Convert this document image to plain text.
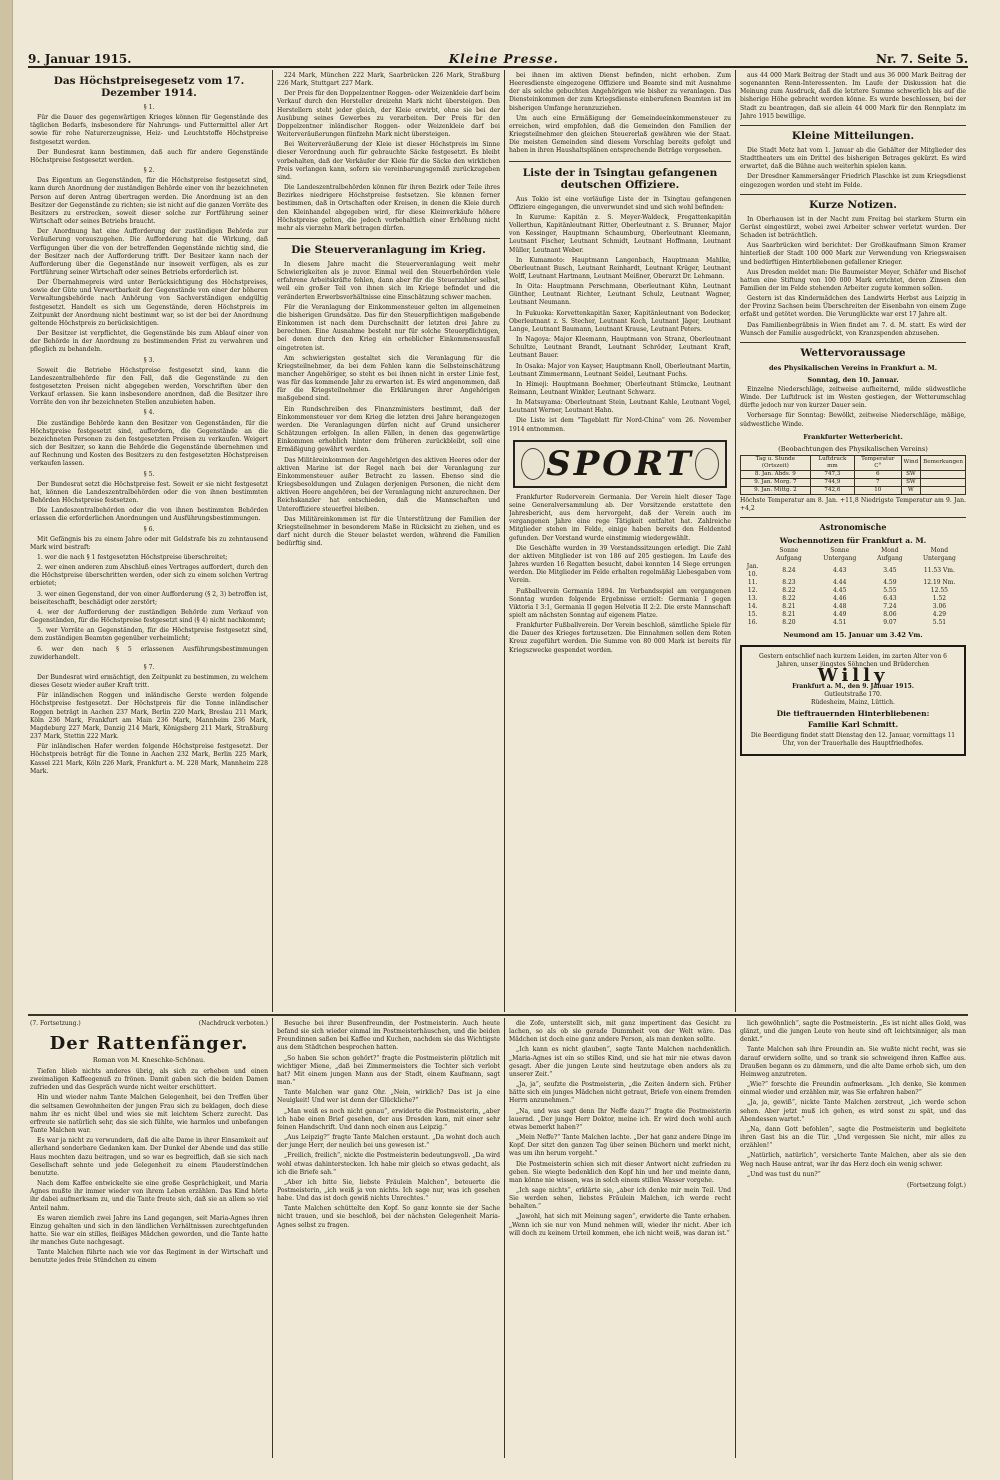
9. Januar 1915.	Kleine Presse.	Nr. 7. Seite 5.
Das Höchstpreisegesetz vom 17. Dezember 1914.

§ 1.

Für die Dauer des gegenwärtigen Krieges können für Gegenstände des täglichen Bedarfs, insbesondere für Nahrungs- und Futtermittel aller Art sowie für rohe Naturerzeugnisse, Heiz- und Leuchtstoffe Höchstpreise festgesetzt werden.

Der Bundesrat kann bestimmen, daß auch für andere Gegenstände Höchstpreise festgesetzt werden.

§ 2.

Das Eigentum an Gegenständen, für die Höchstpreise festgesetzt sind, kann durch Anordnung der zuständigen Behörde einer von ihr bezeichneten Person auf deren Antrag übertragen werden. Die Anordnung ist an den Besitzer der Gegenstände zu richten; sie ist nicht auf die ganzen Vorräte des Besitzers zu erstrecken, soweit dieser solche zur Fortführung seiner Wirtschaft oder seines Betriebs braucht.

Der Anordnung hat eine Aufforderung der zuständigen Behörde zur Veräußerung vorauszugehen. Die Aufforderung hat die Wirkung, daß Verfügungen über die von der betreffenden Gegenstände nichtig sind, die der Besitzer nach der Aufforderung trifft. Der Besitzer kann nach der Aufforderung über die Gegenstände nur insoweit verfügen, als es zur Fortführung seiner Wirtschaft oder seines Betriebs erforderlich ist.

Der Übernahmepreis wird unter Berücksichtigung des Höchstpreises, sowie der Güte und Verwertbarkeit der Gegenstände von einer der höheren Verwaltungsbehörde nach Anhörung von Sachverständigen endgültig festgesetzt. Handelt es sich um Gegenstände, deren Höchstpreis im Zeitpunkt der Anordnung nicht bestimmt war, so ist der bei der Anordnung geltende Höchstpreis zu berücksichtigen.

Der Besitzer ist verpflichtet, die Gegenstände bis zum Ablauf einer von der Behörde in der Anordnung zu bestimmenden Frist zu verwahren und pfleglich zu behandeln.

§ 3.

Soweit die Betriebe Höchstpreise festgesetzt sind, kann die Landeszentralbehörde für den Fall, daß die Gegenstände zu den festgesetzten Preisen nicht abgegeben werden, Vorschriften über den Verkauf erlassen. Sie kann insbesondere anordnen, daß die Besitzer ihre Vorräte den von ihr bezeichneten Stellen anzubieten haben.

§ 4.

Die zuständige Behörde kann den Besitzer von Gegenständen, für die Höchstpreise festgesetzt sind, auffordern, die Gegenstände an die bezeichneten Personen zu den festgesetzten Preisen zu verkaufen. Weigert sich der Besitzer, so kann die Behörde die Gegenstände übernehmen und auf Rechnung und Kosten des Besitzers zu den festgesetzten Höchstpreisen verkaufen lassen.

§ 5.

Der Bundesrat setzt die Höchstpreise fest. Soweit er sie nicht festgesetzt hat, können die Landeszentralbehörden oder die von ihnen bestimmten Behörden Höchstpreise festsetzen.

Die Landeszentralbehörden oder die von ihnen bestimmten Behörden erlassen die erforderlichen Anordnungen und Ausführungsbestimmungen.

§ 6.

Mit Gefängnis bis zu einem Jahre oder mit Geldstrafe bis zu zehntausend Mark wird bestraft:

1. wer die nach § 1 festgesetzten Höchstpreise überschreitet;

2. wer einen anderen zum Abschluß eines Vertrages auffordert, durch den die Höchstpreise überschritten werden, oder sich zu einem solchen Vertrag erbietet;

3. wer einen Gegenstand, der von einer Aufforderung (§ 2, 3) betroffen ist, beiseiteschafft, beschädigt oder zerstört;

4. wer der Aufforderung der zuständigen Behörde zum Verkauf von Gegenständen, für die Höchstpreise festgesetzt sind (§ 4) nicht nachkommt;

5. wer Vorräte an Gegenständen, für die Höchstpreise festgesetzt sind, dem zuständigen Beamten gegenüber verheimlicht;

6. wer den nach § 5 erlassenen Ausführungsbestimmungen zuwiderhandelt.

§ 7.

Der Bundesrat wird ermächtigt, den Zeitpunkt zu bestimmen, zu welchem dieses Gesetz wieder außer Kraft tritt.

Für inländischen Roggen und inländische Gerste werden folgende Höchstpreise festgesetzt. Der Höchstpreis für die Tonne inländischer Roggen beträgt in Aachen 237 Mark, Berlin 220 Mark, Breslau 211 Mark, Köln 236 Mark, Frankfurt am Main 236 Mark, Mannheim 236 Mark, Magdeburg 227 Mark, Danzig 214 Mark, Königsberg 211 Mark, Straßburg 237 Mark, Stettin 222 Mark.

Für inländischen Hafer werden folgende Höchstpreise festgesetzt. Der Höchstpreis beträgt für die Tonne in Aachen 232 Mark, Berlin 225 Mark, Kassel 221 Mark, Köln 226 Mark, Frankfurt a. M. 228 Mark, Mannheim 228 Mark.

224 Mark, München 222 Mark, Saarbrücken 226 Mark, Straßburg 226 Mark, Stuttgart 227 Mark.

Der Preis für den Doppelzentner Roggen- oder Weizenkleie darf beim Verkauf durch den Hersteller dreizehn Mark nicht übersteigen. Den Herstellern steht jeder gleich, der Kleie erwirbt, ohne sie bei der Ausübung seines Gewerbes zu verarbeiten. Der Preis für den Doppelzentner inländischer Roggen- oder Weizenkleie darf bei Weiterveräußerungen fünfzehn Mark nicht übersteigen.

Bei Weiterveräußerung der Kleie ist dieser Höchstpreis im Sinne dieser Verordnung auch für gebrauchte Säcke festgesetzt. Es bleibt vorbehalten, daß der Verkäufer der Kleie für die Säcke den wirklichen Preis verlangen kann, sofern sie vereinbarungsgemäß zurückzugeben sind.

Die Landeszentralbehörden können für ihren Bezirk oder Teile ihres Bezirkes niedrigere Höchstpreise festsetzen. Sie können ferner bestimmen, daß in Ortschaften oder Kreisen, in denen die Kleie durch den Kleinhandel abgegeben wird, für diese Kleinverkäufe höhere Höchstpreise gelten, die jedoch vorbehaltlich einer Erhöhung nicht mehr als vierzehn Mark betragen dürfen.

Die Steuerveranlagung im Krieg.

In diesem Jahre macht die Steuerveranlagung weit mehr Schwierigkeiten als je zuvor. Einmal weil den Steuerbehörden viele erfahrene Arbeitskräfte fehlen, dann aber für die Steuerzahler selbst, weil ein großer Teil von ihnen sich im Kriege befindet und die veränderten Erwerbsverhältnisse eine Einschätzung schwer machen.

Für die Veranlagung der Einkommensteuer gelten im allgemeinen die bisherigen Grundsätze. Das für den Steuerpflichtigen maßgebende Einkommen ist nach dem Durchschnitt der letzten drei Jahre zu berechnen. Eine Ausnahme besteht nur für solche Steuerpflichtigen, bei denen durch den Krieg ein erheblicher Einkommensausfall eingetreten ist.

Am schwierigsten gestaltet sich die Veranlagung für die Kriegsteilnehmer, da bei dem Fehlen kann die Selbsteinschätzung mancher Angehöriger, so steht es bei ihnen nicht in erster Linie fest, was für das kommende Jahr zu erwarten ist. Es wird angenommen, daß für die Kriegsteilnehmer die Erklärungen ihrer Angehörigen maßgebend sind.

Ein Rundschreiben des Finanzministers bestimmt, daß der Einkommensteuer vor dem Krieg die letzten drei Jahre herangezogen werden. Die Veranlagungen dürfen nicht auf Grund unsicherer Schätzungen erfolgen. In allen Fällen, in denen das gegenwärtige Einkommen erheblich hinter dem früheren zurückbleibt, soll eine Ermäßigung gewährt werden.

Das Militäreinkommen der Angehörigen des aktiven Heeres oder der aktiven Marine ist der Regel nach bei der Veranlagung zur Einkommensteuer außer Betracht zu lassen. Ebenso sind die Kriegsbesoldungen und Zulagen derjenigen Personen, die nicht dem aktiven Heere angehören, bei der Veranlagung nicht anzurechnen. Der Reichskanzler hat entschieden, daß die Mannschaften und Unteroffiziere steuerfrei bleiben.

Das Militäreinkommen ist für die Unterstützung der Familien der Kriegsteilnehmer in besonderem Maße in Rücksicht zu ziehen, und es darf nicht durch die Steuer belastet werden, während die Familien bedürftig sind.

bei ihnen im aktiven Dienst befinden, nicht erhoben. Zum Heeresdienste eingezogene Offiziere und Beamte sind mit Ausnahme der als solche gebuchten Angehörigen wie bisher zu veranlagen. Das Diensteinkommen der zum Kriegsdienste einberufenen Beamten ist im bisherigen Umfange heranzuziehen.

Um auch eine Ermäßigung der Gemeindeeinkommensteuer zu erreichen, wird empfohlen, daß die Gemeinden den Familien der Kriegsteilnehmer den gleichen Steuererlaß gewähren wie der Staat. Die meisten Gemeinden sind diesem Vorschlag bereits gefolgt und haben in ihren Haushaltsplänen entsprechende Beträge vorgesehen.

Liste der in Tsingtau gefangenen deutschen Offiziere.

Aus Tokio ist eine vorläufige Liste der in Tsingtau gefangenen Offiziere eingegangen, die unverwundet sind und sich wohl befinden:

In Kurume: Kapitän z. S. Meyer-Waldeck, Fregattenkapitän Vollerthun, Kapitänleutnant Ritter, Oberleutnant z. S. Brunner, Major von Kessinger, Hauptmann Schaumburg, Oberleutnant Kleemann, Leutnant Fischer, Leutnant Schmidt, Leutnant Hoffmann, Leutnant Müller, Leutnant Weber.

In Kumamoto: Hauptmann Langenbach, Hauptmann Mahlke, Oberleutnant Busch, Leutnant Reinhardt, Leutnant Krüger, Leutnant Wolff, Leutnant Hartmann, Leutnant Meißner, Oberarzt Dr. Lehmann.

In Oita: Hauptmann Perschmann, Oberleutnant Kühn, Leutnant Günther, Leutnant Richter, Leutnant Schulz, Leutnant Wagner, Leutnant Neumann.

In Fukuoka: Korvettenkapitän Saxer, Kapitänleutnant von Bodecker, Oberleutnant z. S. Stecher, Leutnant Koch, Leutnant Jäger, Leutnant Lange, Leutnant Baumann, Leutnant Krause, Leutnant Peters.

In Nagoya: Major Kleemann, Hauptmann von Stranz, Oberleutnant Schultze, Leutnant Brandt, Leutnant Schröder, Leutnant Kraft, Leutnant Bauer.

In Osaka: Major von Kayser, Hauptmann Knoll, Oberleutnant Martin, Leutnant Zimmermann, Leutnant Seidel, Leutnant Fuchs.

In Himeji: Hauptmann Boehmer, Oberleutnant Stümcke, Leutnant Reimann, Leutnant Winkler, Leutnant Schwarz.

In Matsuyama: Oberleutnant Stein, Leutnant Kahle, Leutnant Vogel, Leutnant Werner, Leutnant Hahn.

Die Liste ist dem "Tageblatt für Nord-China" vom 26. November 1914 entnommen.

SPORT

Frankfurter Ruderverein Germania. Der Verein hielt dieser Tage seine Generalversammlung ab. Der Vorsitzende erstattete den Jahresbericht, aus dem hervorgeht, daß der Verein auch im vergangenen Jahre eine rege Tätigkeit entfaltet hat. Zahlreiche Mitglieder stehen im Felde, einige haben bereits den Heldentod gefunden. Der Vorstand wurde einstimmig wiedergewählt.

Die Geschäfte wurden in 39 Vorstandssitzungen erledigt. Die Zahl der aktiven Mitglieder ist von 186 auf 205 gestiegen. Im Laufe des Jahres wurden 16 Regatten besucht, dabei konnten 14 Siege errungen werden. Die Mitglieder im Felde erhalten regelmäßig Liebesgaben vom Verein.

Fußballverein Germania 1894. Im Verbandsspiel am vergangenen Sonntag wurden folgende Ergebnisse erzielt: Germania I gegen Viktoria I 3:1, Germania II gegen Helvetia II 2:2. Die erste Mannschaft spielt am nächsten Sonntag auf eigenem Platze.

Frankfurter Fußballverein. Der Verein beschloß, sämtliche Spiele für die Dauer des Krieges fortzusetzen. Die Einnahmen sollen dem Roten Kreuz zugeführt werden. Die Summe von 80 000 Mark ist bereits für Kriegszwecke gespendet worden.

aus 44 000 Mark Beitrag der Stadt und aus 36 000 Mark Beitrag der sogenannten Renn-Interessenten. Im Laufe der Diskussion hat die Meinung zum Ausdruck, daß die letztere Summe schwerlich bis auf die bisherige Höhe gebracht werden könne. Es wurde beschlossen, bei der Stadt zu beantragen, daß sie allein 44 000 Mark für den Rennplatz im Jahre 1915 bewillige.

Kleine Mitteilungen.

Die Stadt Metz hat vom 1. Januar ab die Gehälter der Mitglieder des Stadttheaters um ein Drittel des bisherigen Betrages gekürzt. Es wird erwartet, daß die Bühne auch weiterhin spielen kann.

Der Dresdner Kammersänger Friedrich Plaschke ist zum Kriegsdienst eingezogen worden und steht im Felde.

Kurze Notizen.

In Oberhausen ist in der Nacht zum Freitag bei starkem Sturm ein Gerüst eingestürzt, wobei zwei Arbeiter schwer verletzt wurden. Der Schaden ist beträchtlich.

Aus Saarbrücken wird berichtet: Der Großkaufmann Simon Kramer hinterließ der Stadt 100 000 Mark zur Verwendung von Kriegswaisen und bedürftigen Hinterbliebenen gefallener Krieger.

Aus Dresden meldet man: Die Baumeister Meyer, Schäfer und Bischof hatten eine Stiftung von 100 000 Mark errichtet, deren Zinsen den Familien der im Felde stehenden Arbeiter zugute kommen sollen.

Gestern ist das Kindermädchen des Landwirts Herbst aus Leipzig in der Provinz Sachsen beim Überschreiten der Eisenbahn von einem Zuge erfaßt und getötet worden. Die Verunglückte war erst 17 Jahre alt.

Das Familienbegräbnis in Wien findet am 7. d. M. statt. Es wird der Wunsch der Familie ausgedrückt, von Kranzspenden abzusehen.

Wettervoraussage
des Physikalischen Vereins in Frankfurt a. M.
Sonntag, den 10. Januar.

Einzelne Niederschläge, zeitweise aufheiternd, milde südwestliche Winde. Der Luftdruck ist im Westen gestiegen, der Wetterumschlag dürfte jedoch nur von kurzer Dauer sein.

Vorhersage für Sonntag: Bewölkt, zeitweise Niederschläge, mäßige, südwestliche Winde.

Frankfurter Wetterbericht.
(Beobachtungen des Physikalischen Vereins)
Tag u. Stunde (Ortszeit)	Luftdruck mm	Temperatur C°	Wind	Bemerkungen
8. Jan. Abds. 9	747,3	6	SW	
9. Jan. Morg. 7	744,9	7	SW	
9. Jan. Mittg. 2	742,6	10	W	

Höchste Temperatur am 8. Jan. +11,8 Niedrigste Temperatur am 9. Jan. +4,2

Astronomische
Wochennotizen für Frankfurt a. M.
	Sonne Aufgang	Sonne Untergang	Mond Aufgang	Mond Untergang
Jan. 10.	8.24	4.43	3.45	11.53 Vm.
11.	8.23	4.44	4.59	12.19 Nm.
12.	8.22	4.45	5.55	12.55
13.	8.22	4.46	6.43	1.52
14.	8.21	4.48	7.24	3.06
15.	8.21	4.49	8.06	4.29
16.	8.20	4.51	9.07	5.51
Neumond am 15. Januar um 3.42 Vm.
Gestern entschlief nach kurzem Leiden, im zarten Alter von 6 Jahren, unser jüngstes Söhnchen und Brüderchen
Willy
Frankfurt a. M., den 9. Januar 1915.
Gutleutstraße 170.
Rüdesheim, Mainz, Lüttich.
Die tieftrauernden Hinterbliebenen:
Familie Karl Schmitt.
Die Beerdigung findet statt Dienstag den 12. Januar, vormittags 11 Uhr, von der Trauerhalle des Hauptfriedhofes.
(7. Fortsetzung.)	(Nachdruck verboten.)
Der Rattenfänger.
Roman von M. Kneschke-Schönau.

Tiefen blieb nichts anderes übrig, als sich zu erheben und einen zweimaligen Kaffeegenuß zu frönen. Damit gaben sich die beiden Damen zufrieden und das Gespräch wurde nicht weiter erschüttert.

Hin und wieder nahm Tante Malchen Gelegenheit, bei den Treffen über die seltsamen Gewohnheiten der jungen Frau sich zu beklagen, doch diese nahm ihr es nicht übel und wies sie mit leichtem Scherz zurecht. Das erfreute sie natürlich sehr, das sie sich fühlte, wie harmlos und unbefangen Tante Malchen war.

Es war ja nicht zu verwundern, daß die alte Dame in ihrer Einsamkeit auf allerhand sonderbare Gedanken kam. Der Dunkel der Abende und das stille Haus mochten dazu beitragen, und so war es begreiflich, daß sie sich nach Gesellschaft sehnte und jede Gelegenheit zu einem Plauderstündchen benutzte.

Nach dem Kaffee entwickelte sie eine große Gesprächigkeit, und Maria Agnes mußte ihr immer wieder von ihrem Leben erzählen. Das Kind hörte ihr dabei aufmerksam zu, und die Tante freute sich, daß sie an allem so viel Anteil nahm.

Es waren ziemlich zwei Jahre ins Land gegangen, seit Maria-Agnes ihren Einzug gehalten und sich in den ländlichen Verhältnissen zurechtgefunden hatte. Sie war ein stilles, fleißiges Mädchen geworden, und die Tante hatte ihr manches Gute nachgesagt.

Tante Malchen führte nach wie vor das Regiment in der Wirtschaft und benutzte jedes freie Stündchen zu einem

Besuche bei ihrer Busenfreundin, der Postmeisterin. Auch heute befand sie sich wieder einmal im Postmeisterhäuschen, und die beiden Freundinnen saßen bei Kaffee und Kuchen, nachdem sie das Wichtigste aus dem Städtchen besprochen hatten.

„So haben Sie schon gehört?“ fragte die Postmeisterin plötzlich mit wichtiger Miene, „daß bei Zimmermeisters die Tochter sich verlobt hat? Mit einem jungen Mann aus der Stadt, einem Kaufmann, sagt man.“

Tante Malchen war ganz Ohr. „Nein, wirklich? Das ist ja eine Neuigkeit! Und wer ist denn der Glückliche?“

„Man weiß es noch nicht genau“, erwiderte die Postmeisterin, „aber ich habe einen Brief gesehen, der aus Dresden kam, mit einer sehr feinen Handschrift. Und dann noch einen aus Leipzig.“

„Aus Leipzig?“ fragte Tante Malchen erstaunt. „Da wohnt doch auch der junge Herr, der neulich bei uns gewesen ist.“

„Freilich, freilich“, nickte die Postmeisterin bedeutungsvoll. „Da wird wohl etwas dahinterstecken. Ich habe mir gleich so etwas gedacht, als ich die Briefe sah.“

„Aber ich bitte Sie, liebste Fräulein Malchen“, beteuerte die Postmeisterin, „ich weiß ja von nichts. Ich sage nur, was ich gesehen habe. Und das ist doch gewiß nichts Unrechtes.“

Tante Malchen schüttelte den Kopf. So ganz konnte sie der Sache nicht trauen, und sie beschloß, bei der nächsten Gelegenheit Maria-Agnes selbst zu fragen.

die Zofe, unterstellt sich, mit ganz impertinent das Gesicht zu lachen, so als ob sie gerade Dummheit von der Welt wäre. Das Mädchen ist doch eine ganz andere Person, als man denken sollte.

„Ich kann es nicht glauben“, sagte Tante Malchen nachdenklich. „Maria-Agnes ist ein so stilles Kind, und sie hat mir nie etwas davon gesagt. Aber die jungen Leute sind heutzutage eben anders als zu unserer Zeit.“

„Ja, ja“, seufzte die Postmeisterin, „die Zeiten ändern sich. Früher hätte sich ein junges Mädchen nicht getraut, Briefe von einem fremden Herrn anzunehmen.“

„Na, und was sagt denn Ihr Neffe dazu?“ fragte die Postmeisterin lauernd. „Der junge Herr Doktor, meine ich. Er wird doch wohl auch etwas bemerkt haben?“

„Mein Neffe?“ Tante Malchen lachte. „Der hat ganz andere Dinge im Kopf. Der sitzt den ganzen Tag über seinen Büchern und merkt nicht, was um ihn herum vorgeht.“

Die Postmeisterin schien sich mit dieser Antwort nicht zufrieden zu geben. Sie wiegte bedenklich den Kopf hin und her und meinte dann, man könne nie wissen, was in solch einem stillen Wasser vorgehe.

„Ich sage nichts“, erklärte sie, „aber ich denke mir mein Teil. Und Sie werden sehen, liebstes Fräulein Malchen, ich werde recht behalten.“

„Jawohl, hat sich mit Meinung sagen“, erwiderte die Tante erhaben. „Wenn ich sie nur von Mund nehmen will, wieder ihr nicht. Aber ich will doch zu keinem Urteil kommen, ehe ich nicht weiß, was daran ist.“

lich gewöhnlich“, sagte die Postmeisterin. „Es ist nicht alles Gold, was glänzt, und die jungen Leute von heute sind oft leichtsinniger, als man denkt.“

Tante Malchen sah ihre Freundin an. Sie wußte nicht recht, was sie darauf erwidern sollte, und so trank sie schweigend ihren Kaffee aus. Draußen begann es zu dämmern, und die alte Dame erhob sich, um den Heimweg anzutreten.

„Wie?“ forschte die Freundin aufmerksam. „Ich denke, Sie kommen einmal wieder und erzählen mir, was Sie erfahren haben?“

„Ja, ja, gewiß“, nickte Tante Malchen zerstreut, „ich werde schon sehen. Aber jetzt muß ich gehen, es wird sonst zu spät, und das Abendessen wartet.“

„Na, dann Gott befohlen“, sagte die Postmeisterin und begleitete ihren Gast bis an die Tür. „Und vergessen Sie nicht, mir alles zu erzählen!“

„Natürlich, natürlich“, versicherte Tante Malchen, aber als sie den Weg nach Hause antrat, war ihr das Herz doch ein wenig schwer.

„Und was tust du nun?“

(Fortsetzung folgt.)
